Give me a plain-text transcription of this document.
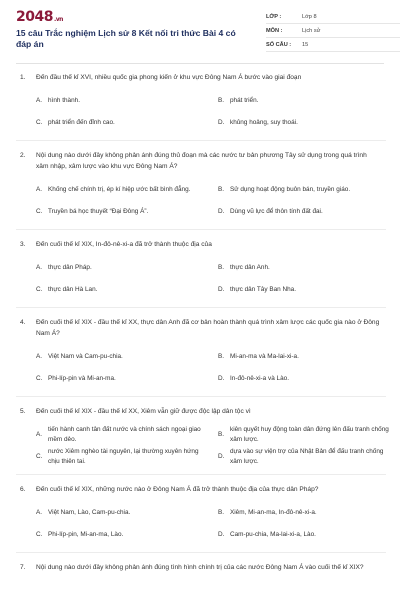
2048.vn
15 câu Trắc nghiệm Lịch sử 8 Kết nối tri thức Bài 4 có đáp án
LỚP :	Lớp 8
MÔN :	Lịch sử
SỐ CÂU : 15
1. Đến đầu thế kỉ XVI, nhiều quốc gia phong kiến ở khu vực Đông Nam Á bước vào giai đoạn
A. hình thành.	B. phát triển.
C. phát triển đến đỉnh cao.	D. khủng hoảng, suy thoái.
2. Nội dung nào dưới đây không phản ánh đúng thủ đoạn mà các nước tư bản phương Tây sử dụng trong quá trình xâm nhập, xâm lược vào khu vực Đông Nam Á?
A. Khống chế chính trị, ép kí hiệp ước bất bình đẳng.	B. Sử dụng hoạt động buôn bán, truyền giáo.
C. Truyền bá học thuyết “Đại Đông Á”.	D. Dùng vũ lực để thôn tính đất đai.
3. Đến cuối thế kỉ XIX, In-đô-nê-xi-a đã trở thành thuộc địa của
A. thực dân Pháp.	B. thực dân Anh.
C. thực dân Hà Lan.	D. thực dân Tây Ban Nha.
4. Đến cuối thế kỉ XIX - đầu thế kỉ XX, thực dân Anh đã cơ bản hoàn thành quá trình xâm lược các quốc gia nào ở Đông Nam Á?
A. Việt Nam và Cam-pu-chia.	B. Mi-an-ma và Ma-lai-xi-a.
C. Phi-líp-pin và Mi-an-ma.	D. In-đô-nê-xi-a và Lào.
5. Đến cuối thế kỉ XIX - đầu thế kỉ XX, Xiêm vẫn giữ được độc lập dân tộc vì
A.
tiến hành canh tân đất nước và chính sách ngoại giao mềm dẻo.
B.
kiên quyết huy động toàn dân đứng lên đấu tranh chống xâm lược.
C.
nước Xiêm nghèo tài nguyên, lại thường xuyên hứng chịu thiên tai.
D.
dựa vào sự viện trợ của Nhật Bản để đấu tranh chống xâm lược.
6. Đến cuối thế kỉ XIX, những nước nào ở Đông Nam Á đã trở thành thuộc địa của thực dân Pháp?
A. Việt Nam, Lào, Cam-pu-chia.	B. Xiêm, Mi-an-ma, In-đô-nê-xi-a.
C. Phi-líp-pin, Mi-an-ma, Lào.	D. Cam-pu-chia, Ma-lai-xi-a, Lào.
7. Nội dung nào dưới đây không phản ánh đúng tình hình chính trị của các nước Đông Nam Á vào cuối thế kỉ XIX?
